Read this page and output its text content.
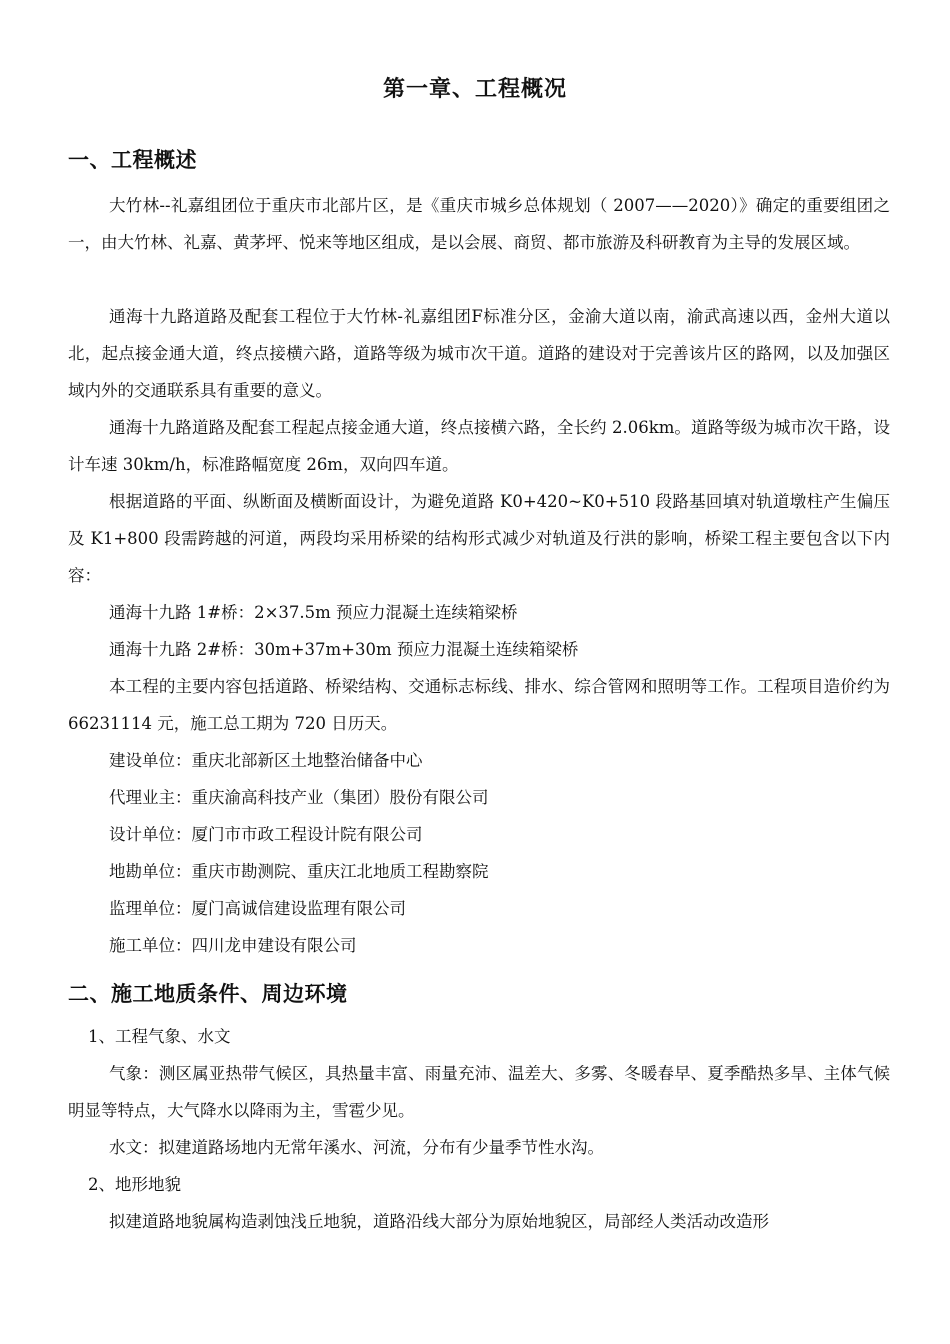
第一章、工程概况
一、工程概述
大竹林--礼嘉组团位于重庆市北部片区，是《重庆市城乡总体规划（ 2007——2020）》确定的重要组团之一，由大竹林、礼嘉、黄茅坪、悦来等地区组成，是以会展、商贸、都市旅游及科研教育为主导的发展区域。
通海十九路道路及配套工程位于大竹林-礼嘉组团F标准分区，金渝大道以南，渝武高速以西，金州大道以北，起点接金通大道，终点接横六路，道路等级为城市次干道。道路的建设对于完善该片区的路网，以及加强区域内外的交通联系具有重要的意义。
通海十九路道路及配套工程起点接金通大道，终点接横六路，全长约 2.06km。道路等级为城市次干路，设计车速 30km/h，标准路幅宽度 26m，双向四车道。
根据道路的平面、纵断面及横断面设计，为避免道路 K0+420~K0+510 段路基回填对轨道墩柱产生偏压及 K1+800 段需跨越的河道，两段均采用桥梁的结构形式减少对轨道及行洪的影响，桥梁工程主要包含以下内容：
通海十九路 1#桥：2×37.5m 预应力混凝土连续箱梁桥
通海十九路 2#桥：30m+37m+30m 预应力混凝土连续箱梁桥
本工程的主要内容包括道路、桥梁结构、交通标志标线、排水、综合管网和照明等工作。工程项目造价约为 66231114 元，施工总工期为 720 日历天。
建设单位：重庆北部新区土地整治储备中心
代理业主：重庆渝高科技产业（集团）股份有限公司
设计单位：厦门市市政工程设计院有限公司
地勘单位：重庆市勘测院、重庆江北地质工程勘察院
监理单位：厦门高诚信建设监理有限公司
施工单位：四川龙申建设有限公司
二、施工地质条件、周边环境
1、工程气象、水文
气象：测区属亚热带气候区，具热量丰富、雨量充沛、温差大、多雾、冬暖春早、夏季酷热多旱、主体气候明显等特点，大气降水以降雨为主，雪雹少见。
水文：拟建道路场地内无常年溪水、河流，分布有少量季节性水沟。
2、地形地貌
拟建道路地貌属构造剥蚀浅丘地貌，道路沿线大部分为原始地貌区，局部经人类活动改造形
